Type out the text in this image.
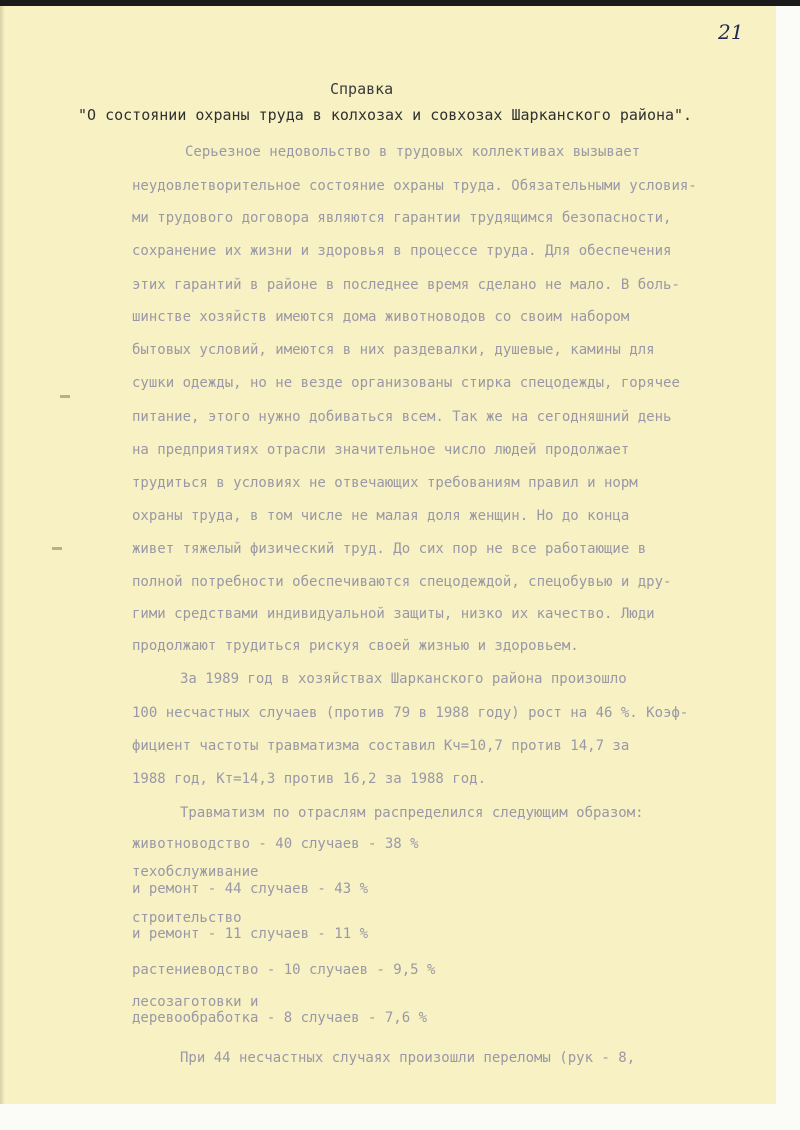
21
Справка
"О состоянии охраны труда в колхозах и совхозах Шарканского района".
Серьезное недовольство в трудовых коллективах вызывает
неудовлетворительное состояние охраны труда. Обязательными условия-
ми трудового договора являются гарантии трудящимся безопасности,
сохранение их жизни и здоровья в процессе труда. Для обеспечения
этих гарантий в районе в последнее время сделано не мало. В боль-
шинстве хозяйств имеются дома животноводов со своим набором
бытовых условий, имеются в них раздевалки, душевые, камины для
сушки одежды, но не везде организованы стирка спецодежды, горячее
питание, этого нужно добиваться всем. Так же на сегодняшний день
на предприятиях отрасли значительное число людей продолжает
трудиться в условиях не отвечающих требованиям правил и норм
охраны труда, в том числе не малая доля женщин. Но до конца
живет тяжелый физический труд. До сих пор не все работающие в
полной потребности обеспечиваются спецодеждой, спецобувью и дру-
гими средствами индивидуальной защиты, низко их качество. Люди
продолжают трудиться рискуя своей жизнью и здоровьем.
За 1989 год в хозяйствах Шарканского района произошло
100 несчастных случаев (против 79 в 1988 году) рост на 46 %. Коэф-
фициент частоты травматизма составил Кч=10,7 против 14,7 за
1988 год, Кт=14,3 против 16,2 за 1988 год.
Травматизм по отраслям распределился следующим образом:
животноводство - 40 случаев - 38 %
техобслуживание
и ремонт - 44 случаев - 43 %
строительство
и ремонт - 11 случаев - 11 %
растениеводство - 10 случаев - 9,5 %
лесозаготовки и
деревообработка - 8 случаев - 7,6 %
При 44 несчастных случаях произошли переломы (рук - 8,
